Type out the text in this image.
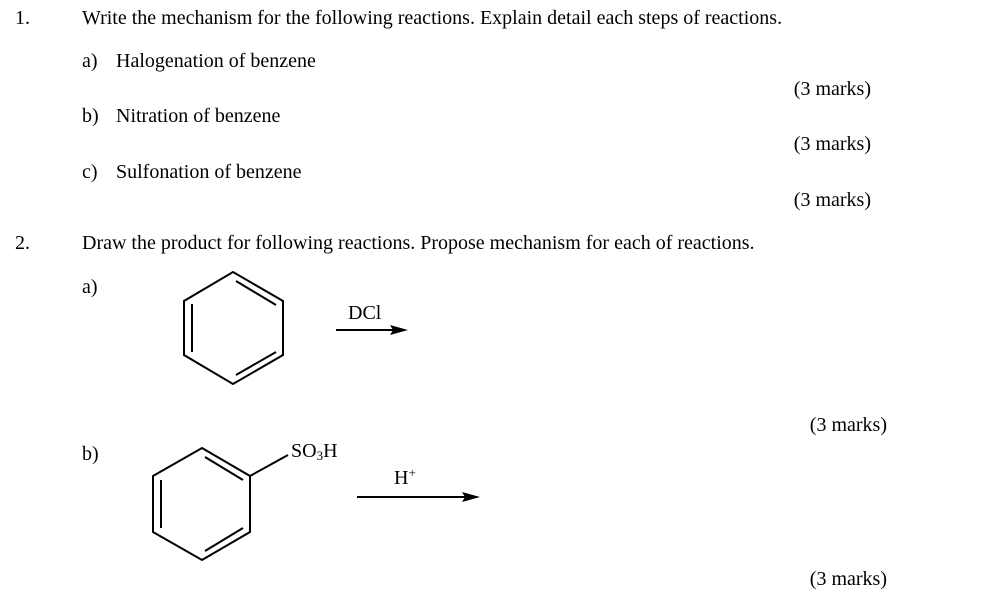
1.	Write the mechanism for the following reactions. Explain detail each steps of reactions.
a) Halogenation of benzene
(3 marks)
b) Nitration of benzene
(3 marks)
c) Sulfonation of benzene
(3 marks)
2.	Draw the product for following reactions. Propose mechanism for each of reactions.
a)
b)
DCl
(3 marks)
$SO_3H$
H+
(3 marks)
